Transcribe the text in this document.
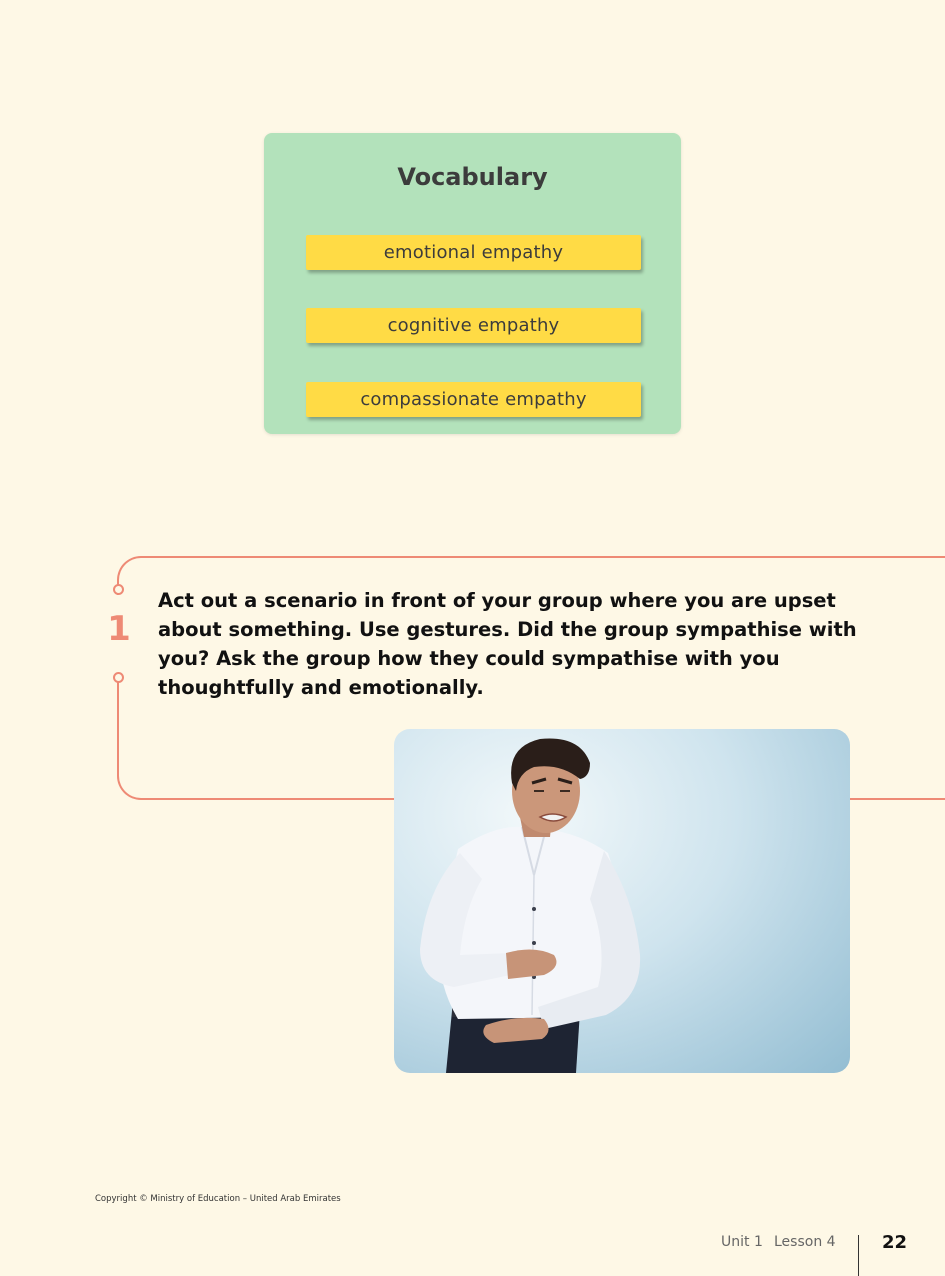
Vocabulary
emotional empathy
cognitive empathy
compassionate empathy
1
Act out a scenario in front of your group where you are upset about something. Use gestures. Did the group sympathise with you? Ask the group how they could sympathise with you thoughtfully and emotionally.
Copyright © Ministry of Education – United Arab Emirates
Unit 1 Lesson 4	22
